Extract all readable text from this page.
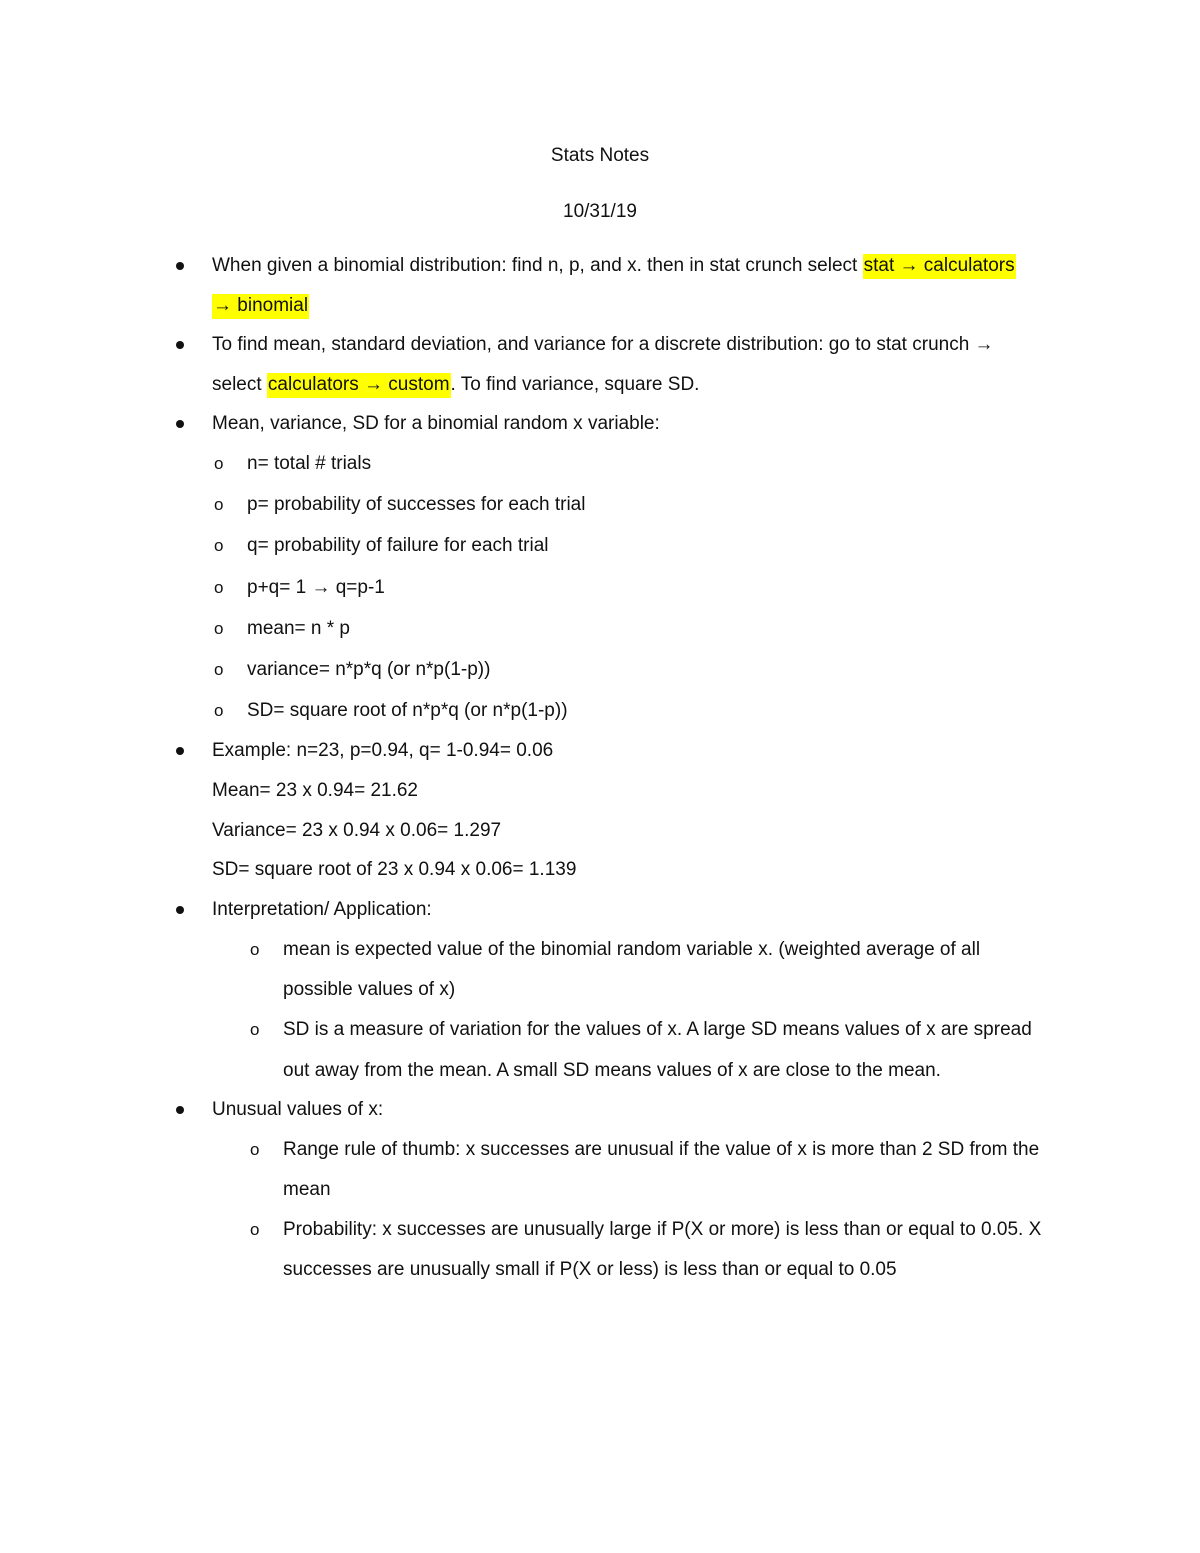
Stats Notes
10/31/19
When given a binomial distribution: find n, p, and x. then in stat crunch select stat → calculators
→ binomial
To find mean, standard deviation, and variance for a discrete distribution: go to stat crunch →
select calculators → custom. To find variance, square SD.
Mean, variance, SD for a binomial random x variable:
o n= total # trials
o p= probability of successes for each trial
o q= probability of failure for each trial
o p+q= 1 → q=p-1
o mean= n * p
o variance= n*p*q (or n*p(1-p))
o SD= square root of n*p*q (or n*p(1-p))
Example: n=23, p=0.94, q= 1-0.94= 0.06
Mean= 23 x 0.94= 21.62
Variance= 23 x 0.94 x 0.06= 1.297
SD= square root of 23 x 0.94 x 0.06= 1.139
Interpretation/ Application:
o mean is expected value of the binomial random variable x. (weighted average of all
possible values of x)
o SD is a measure of variation for the values of x. A large SD means values of x are spread
out away from the mean. A small SD means values of x are close to the mean.
Unusual values of x:
o Range rule of thumb: x successes are unusual if the value of x is more than 2 SD from the
mean
o Probability: x successes are unusually large if P(X or more) is less than or equal to 0.05. X
successes are unusually small if P(X or less) is less than or equal to 0.05
